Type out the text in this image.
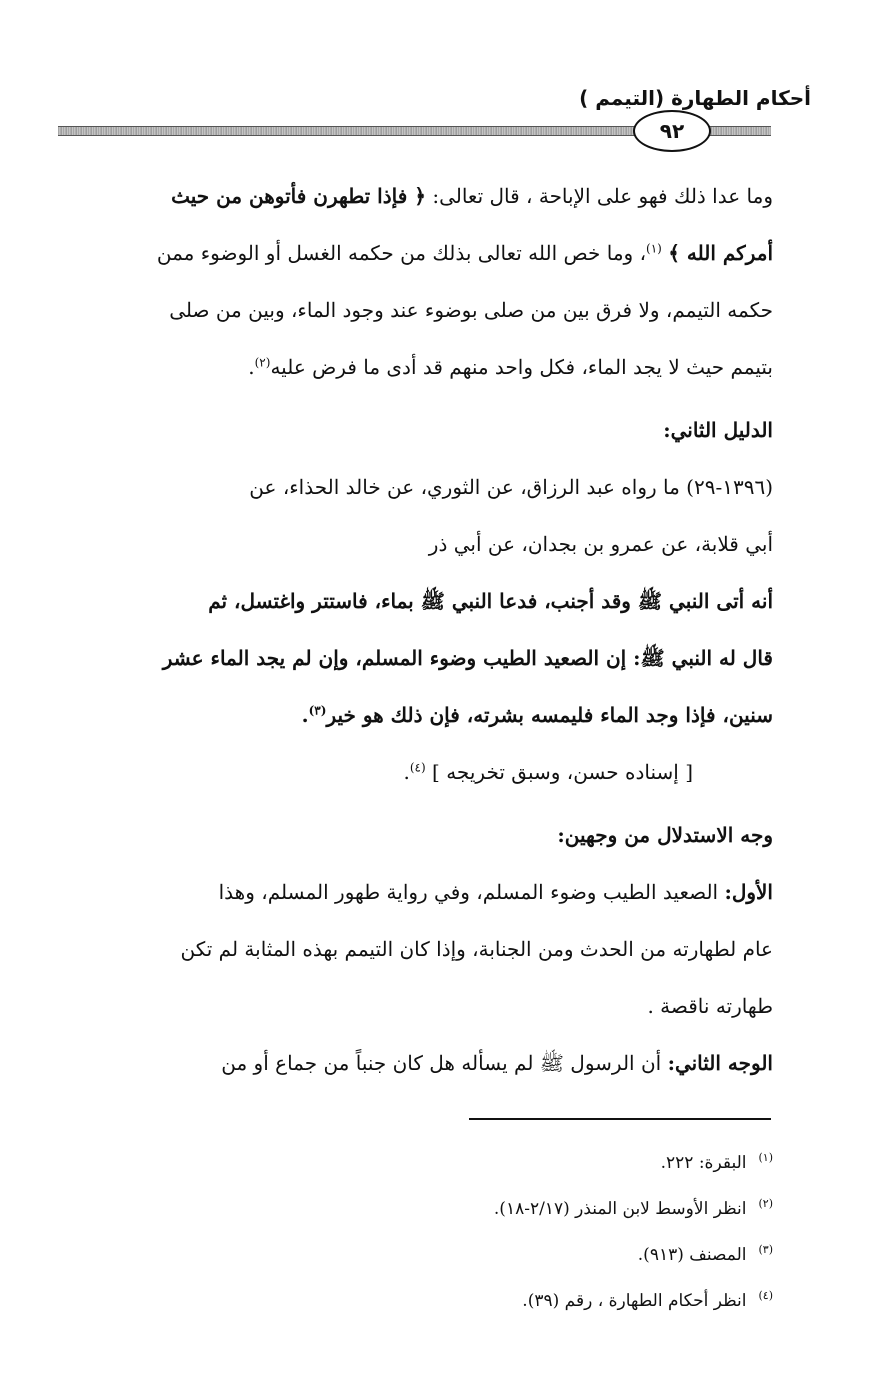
أحكام الطهارة (التيمم )
٩٢
وما عدا ذلك فهو على الإباحة ، قال تعالى: ﴿ فإذا تطهرن فأتوهن من حيث
أمركم الله ﴾ $^{(١)}$، وما خص الله تعالى بذلك من حكمه الغسل أو الوضوء ممن
حكمه التيمم، ولا فرق بين من صلى بوضوء عند وجود الماء، وبين من صلى
بتيمم حيث لا يجد الماء، فكل واحد منهم قد أدى ما فرض عليه$^{(٢)}$.
الدليل الثاني:
(١٣٩٦-٢٩) ما رواه عبد الرزاق، عن الثوري، عن خالد الحذاء، عن
أبي قلابة، عن عمرو بن بجدان، عن أبي ذر
أنه أتى النبي ﷺ وقد أجنب، فدعا النبي ﷺ بماء، فاستتر واغتسل، ثم
قال له النبي ﷺ: إن الصعيد الطيب وضوء المسلم، وإن لم يجد الماء عشر
سنين، فإذا وجد الماء فليمسه بشرته، فإن ذلك هو خير$^{(٣)}$.
[ إسناده حسن، وسبق تخريجه ] $^{(٤)}$.
وجه الاستدلال من وجهين:
الأول: الصعيد الطيب وضوء المسلم، وفي رواية طهور المسلم، وهذا
عام لطهارته من الحدث ومن الجنابة، وإذا كان التيمم بهذه المثابة لم تكن
طهارته ناقصة .
الوجه الثاني: أن الرسول ﷺ لم يسأله هل كان جنباً من جماع أو من
$^{(١)}$البقرة: ٢٢٢.
$^{(٢)}$انظر الأوسط لابن المنذر (٢/١٧-١٨).
$^{(٣)}$المصنف (٩١٣).
$^{(٤)}$انظر أحكام الطهارة ، رقم (٣٩).
